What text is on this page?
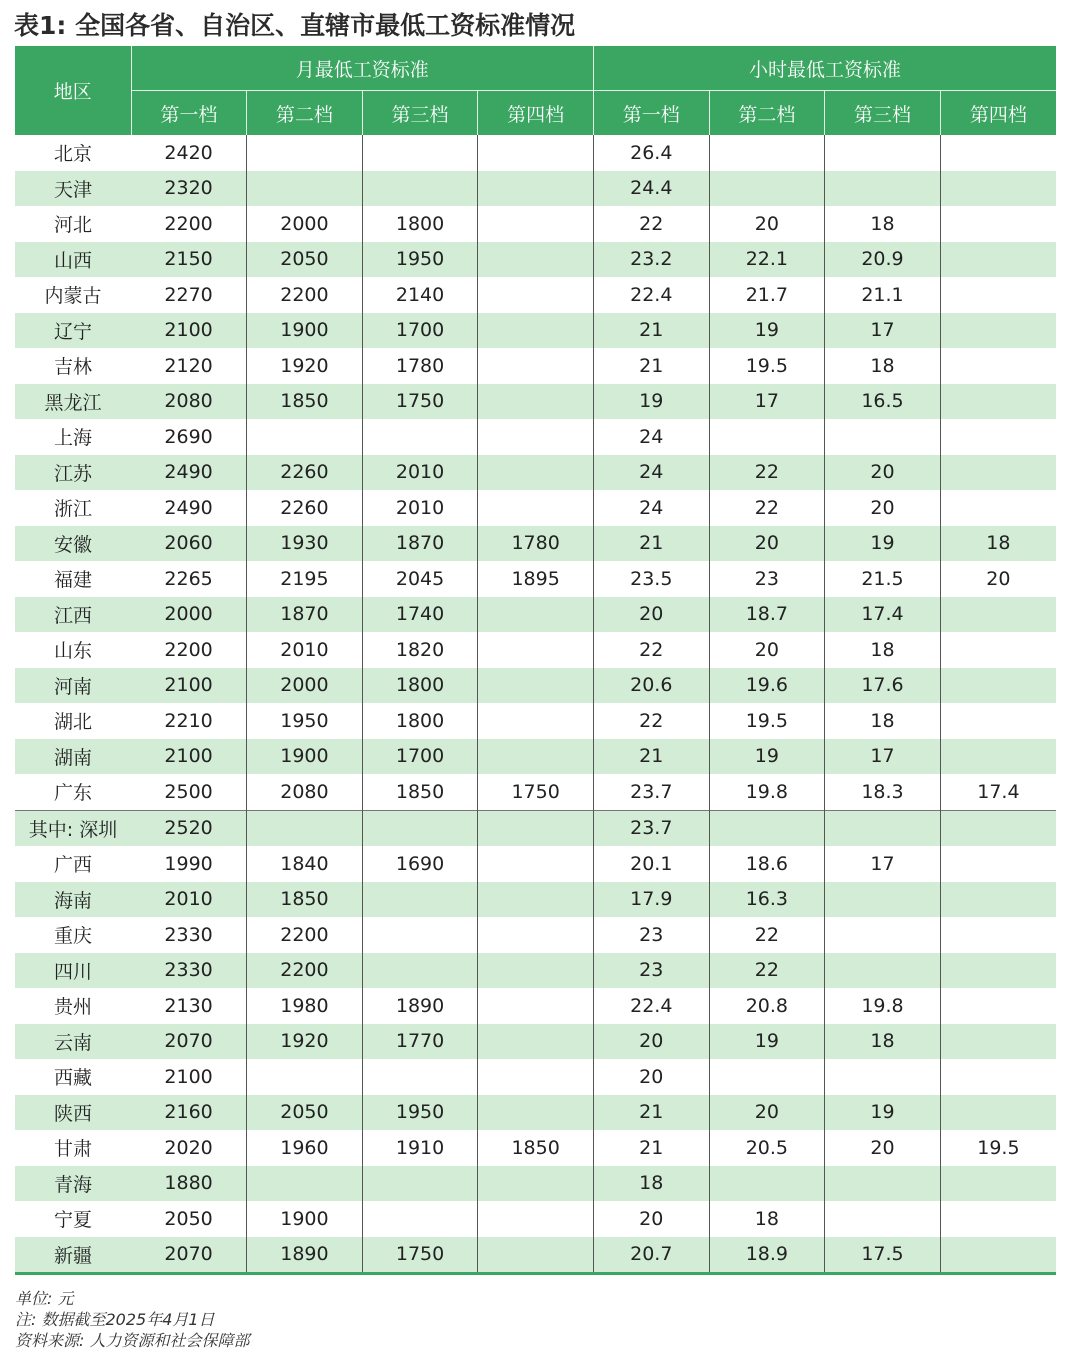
表1: 全国各省、自治区、直辖市最低工资标准情况
地区	月最低工资标准				小时最低工资标准			
	第一档	第二档	第三档	第四档	第一档	第二档	第三档	第四档
北京	2420				26.4			
天津	2320				24.4			
河北	2200	2000	1800		22	20	18	
山西	2150	2050	1950		23.2	22.1	20.9	
内蒙古	2270	2200	2140		22.4	21.7	21.1	
辽宁	2100	1900	1700		21	19	17	
吉林	2120	1920	1780		21	19.5	18	
黑龙江	2080	1850	1750		19	17	16.5	
上海	2690				24			
江苏	2490	2260	2010		24	22	20	
浙江	2490	2260	2010		24	22	20	
安徽	2060	1930	1870	1780	21	20	19	18
福建	2265	2195	2045	1895	23.5	23	21.5	20
江西	2000	1870	1740		20	18.7	17.4	
山东	2200	2010	1820		22	20	18	
河南	2100	2000	1800		20.6	19.6	17.6	
湖北	2210	1950	1800		22	19.5	18	
湖南	2100	1900	1700		21	19	17	
广东	2500	2080	1850	1750	23.7	19.8	18.3	17.4
其中: 深圳	2520				23.7			
广西	1990	1840	1690		20.1	18.6	17	
海南	2010	1850			17.9	16.3		
重庆	2330	2200			23	22		
四川	2330	2200			23	22		
贵州	2130	1980	1890		22.4	20.8	19.8	
云南	2070	1920	1770		20	19	18	
西藏	2100				20			
陕西	2160	2050	1950		21	20	19	
甘肃	2020	1960	1910	1850	21	20.5	20	19.5
青海	1880				18			
宁夏	2050	1900			20	18		
新疆	2070	1890	1750		20.7	18.9	17.5	
单位: 元
注: 数据截至2025年4月1日
资料来源: 人力资源和社会保障部
